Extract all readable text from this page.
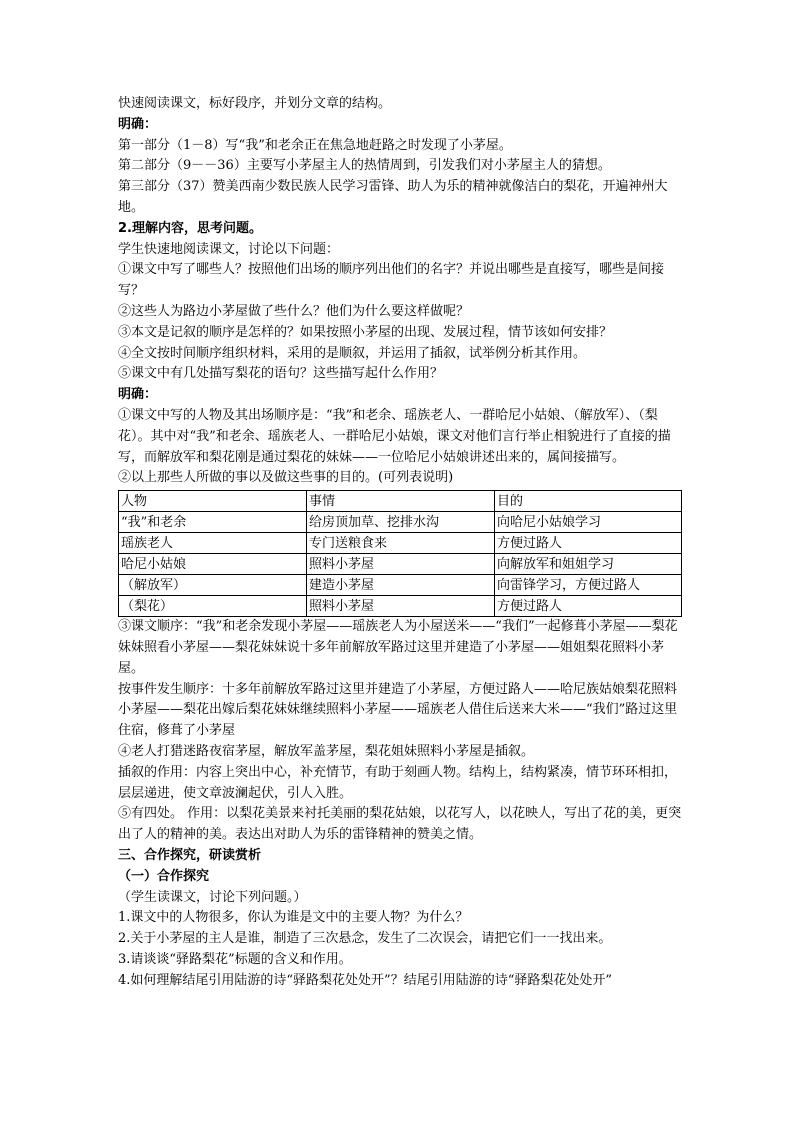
快速阅读课文，标好段序，并划分文章的结构。

明确：

第一部分（1－8）写“我”和老余正在焦急地赶路之时发现了小茅屋。

第二部分（9－－36）主要写小茅屋主人的热情周到，引发我们对小茅屋主人的猜想。

第三部分（37）赞美西南少数民族人民学习雷锋、助人为乐的精神就像洁白的梨花，开遍神州大地。

2.理解内容，思考问题。

学生快速地阅读课文，讨论以下问题：

①课文中写了哪些人？按照他们出场的顺序列出他们的名字？并说出哪些是直接写，哪些是间接写？

②这些人为路边小茅屋做了些什么？他们为什么要这样做呢？

③本文是记叙的顺序是怎样的？如果按照小茅屋的出现、发展过程，情节该如何安排？

④全文按时间顺序组织材料，采用的是顺叙，并运用了插叙，试举例分析其作用。

⑤课文中有几处描写梨花的语句？这些描写起什么作用？

明确：

①课文中写的人物及其出场顺序是：“我”和老余、瑶族老人、一群哈尼小姑娘、（解放军）、（梨花）。其中对“我”和老余、瑶族老人、一群哈尼小姑娘，课文对他们言行举止相貌进行了直接的描写，而解放军和梨花刚是通过梨花的妹妹——一位哈尼小姑娘讲述出来的，属间接描写。

②以上那些人所做的事以及做这些事的目的。(可列表说明)

人物	事情	目的
“我”和老余	给房顶加草、挖排水沟	向哈尼小姑娘学习
瑶族老人	专门送粮食来	方便过路人
哈尼小姑娘	照料小茅屋	向解放军和姐姐学习
（解放军）	建造小茅屋	向雷锋学习，方便过路人
（梨花）	照料小茅屋	方便过路人

③课文顺序：“我”和老余发现小茅屋——瑶族老人为小屋送米——“我们”一起修葺小茅屋——梨花妹妹照看小茅屋——梨花妹妹说十多年前解放军路过这里并建造了小茅屋——姐姐梨花照料小茅屋。

按事件发生顺序：十多年前解放军路过这里并建造了小茅屋，方便过路人——哈尼族姑娘梨花照料小茅屋——梨花出嫁后梨花妹妹继续照料小茅屋——瑶族老人借住后送来大米——“我们”路过这里住宿，修葺了小茅屋

④老人打猎迷路夜宿茅屋，解放军盖茅屋，梨花姐妹照料小茅屋是插叙。

插叙的作用：内容上突出中心，补充情节，有助于刻画人物。结构上，结构紧凑，情节环环相扣，层层递进，使文章波澜起伏，引人入胜。

⑤有四处。 作用：以梨花美景来衬托美丽的梨花姑娘，以花写人，以花映人，写出了花的美，更突出了人的精神的美。表达出对助人为乐的雷锋精神的赞美之情。

三、合作探究，研读赏析

（一）合作探究

（学生读课文，讨论下列问题。）

1.课文中的人物很多，你认为谁是文中的主要人物？为什么？

2.关于小茅屋的主人是谁，制造了三次悬念，发生了二次误会，请把它们一一找出来。

3.请谈谈“驿路梨花”标题的含义和作用。

4.如何理解结尾引用陆游的诗“驿路梨花处处开”？结尾引用陆游的诗“驿路梨花处处开”
